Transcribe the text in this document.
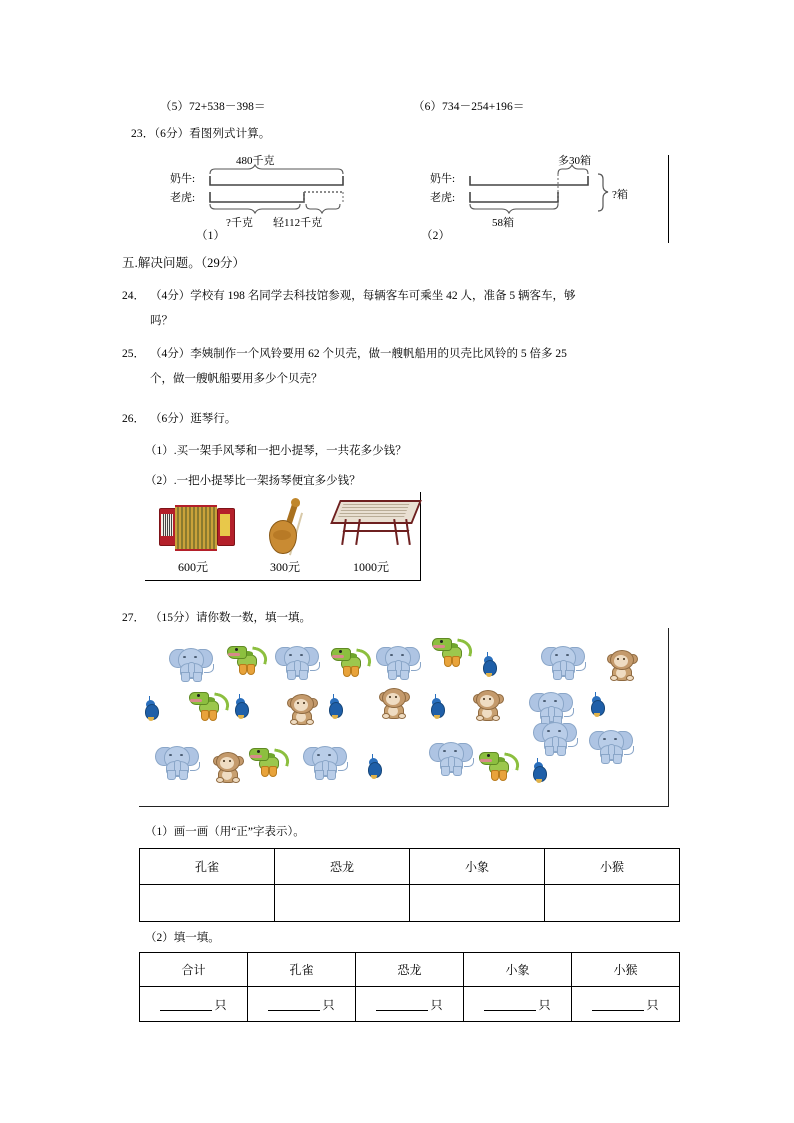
（5）72+538－398＝	（6）734－254+196＝
23．（6分）看图列式计算。
480千克
奶牛:
老虎:
?千克 轻112千克
（1）
多30箱
奶牛:
老虎:
58箱
?箱
（2）
五.解决问题。（29分）
24． （4分）学校有 198 名同学去科技馆参观，每辆客车可乘坐 42 人，准备 5 辆客车，够
吗？
25． （4分）李姨制作一个风铃要用 62 个贝壳，做一艘帆船用的贝壳比风铃的 5 倍多 25
个，做一艘帆船要用多少个贝壳？
26． （6分）逛琴行。
（1）.买一架手风琴和一把小提琴，一共花多少钱？
（2）.一把小提琴比一架扬琴便宜多少钱？
600元	300元	1000元
27． （15分）请你数一数，填一填。
（1）画一画（用“正”字表示）。
孔雀	恐龙	小象	小猴

（2）填一填。
合计	孔雀	恐龙	小象	小猴
只	只	只	只	只
